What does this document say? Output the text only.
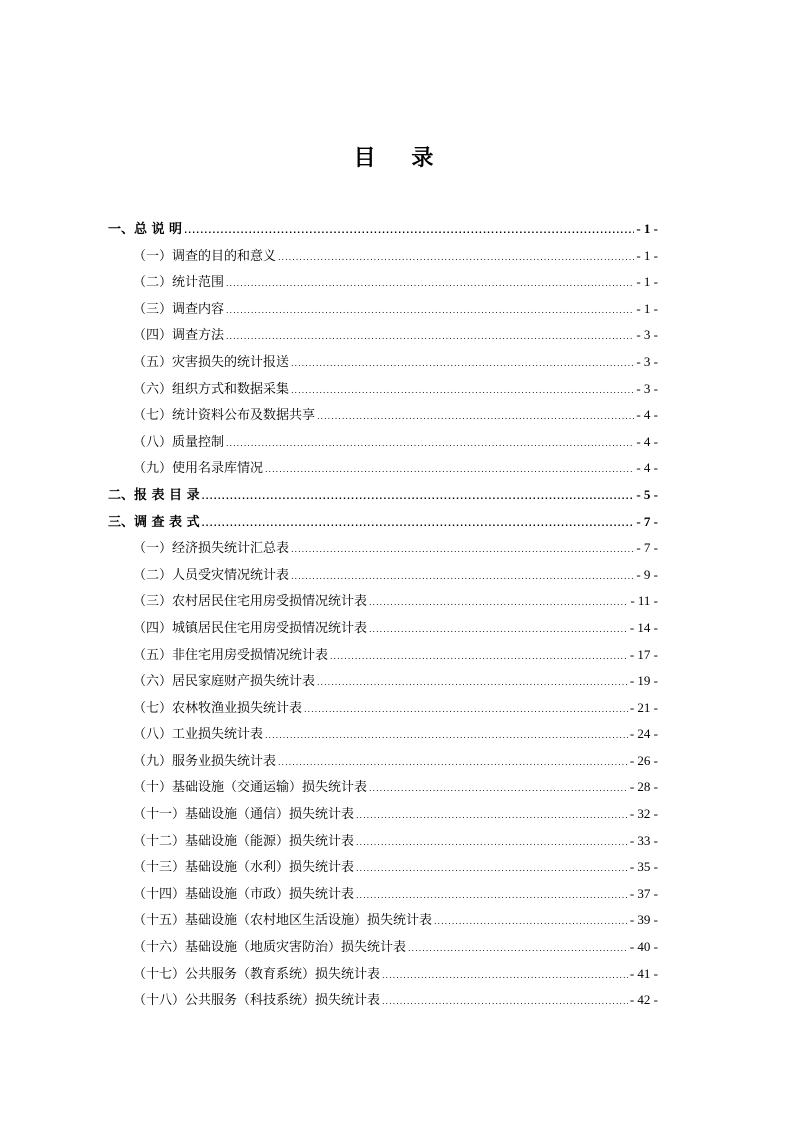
目 录
一、总 说 明 .....	- 1 -
（一）调查的目的和意义 .....	- 1 -
（二）统计范围 .....	- 1 -
（三）调查内容 .....	- 1 -
（四）调查方法 .....	- 3 -
（五）灾害损失的统计报送 .....	- 3 -
（六）组织方式和数据采集 .....	- 3 -
（七）统计资料公布及数据共享 .....	- 4 -
（八）质量控制 .....	- 4 -
（九）使用名录库情况 .....	- 4 -
二、报 表 目 录 .....	- 5 -
三、调 查 表 式 .....	- 7 -
（一）经济损失统计汇总表 .....	- 7 -
（二）人员受灾情况统计表 .....	- 9 -
（三）农村居民住宅用房受损情况统计表 .....	- 11 -
（四）城镇居民住宅用房受损情况统计表 .....	- 14 -
（五）非住宅用房受损情况统计表 .....	- 17 -
（六）居民家庭财产损失统计表 .....	- 19 -
（七）农林牧渔业损失统计表 .....	- 21 -
（八）工业损失统计表 .....	- 24 -
（九）服务业损失统计表 .....	- 26 -
（十）基础设施（交通运输）损失统计表 .....	- 28 -
（十一）基础设施（通信）损失统计表 .....	- 32 -
（十二）基础设施（能源）损失统计表 .....	- 33 -
（十三）基础设施（水利）损失统计表 .....	- 35 -
（十四）基础设施（市政）损失统计表 .....	- 37 -
（十五）基础设施（农村地区生活设施）损失统计表 .....	- 39 -
（十六）基础设施（地质灾害防治）损失统计表 .....	- 40 -
（十七）公共服务（教育系统）损失统计表 .....	- 41 -
（十八）公共服务（科技系统）损失统计表 .....	- 42 -
